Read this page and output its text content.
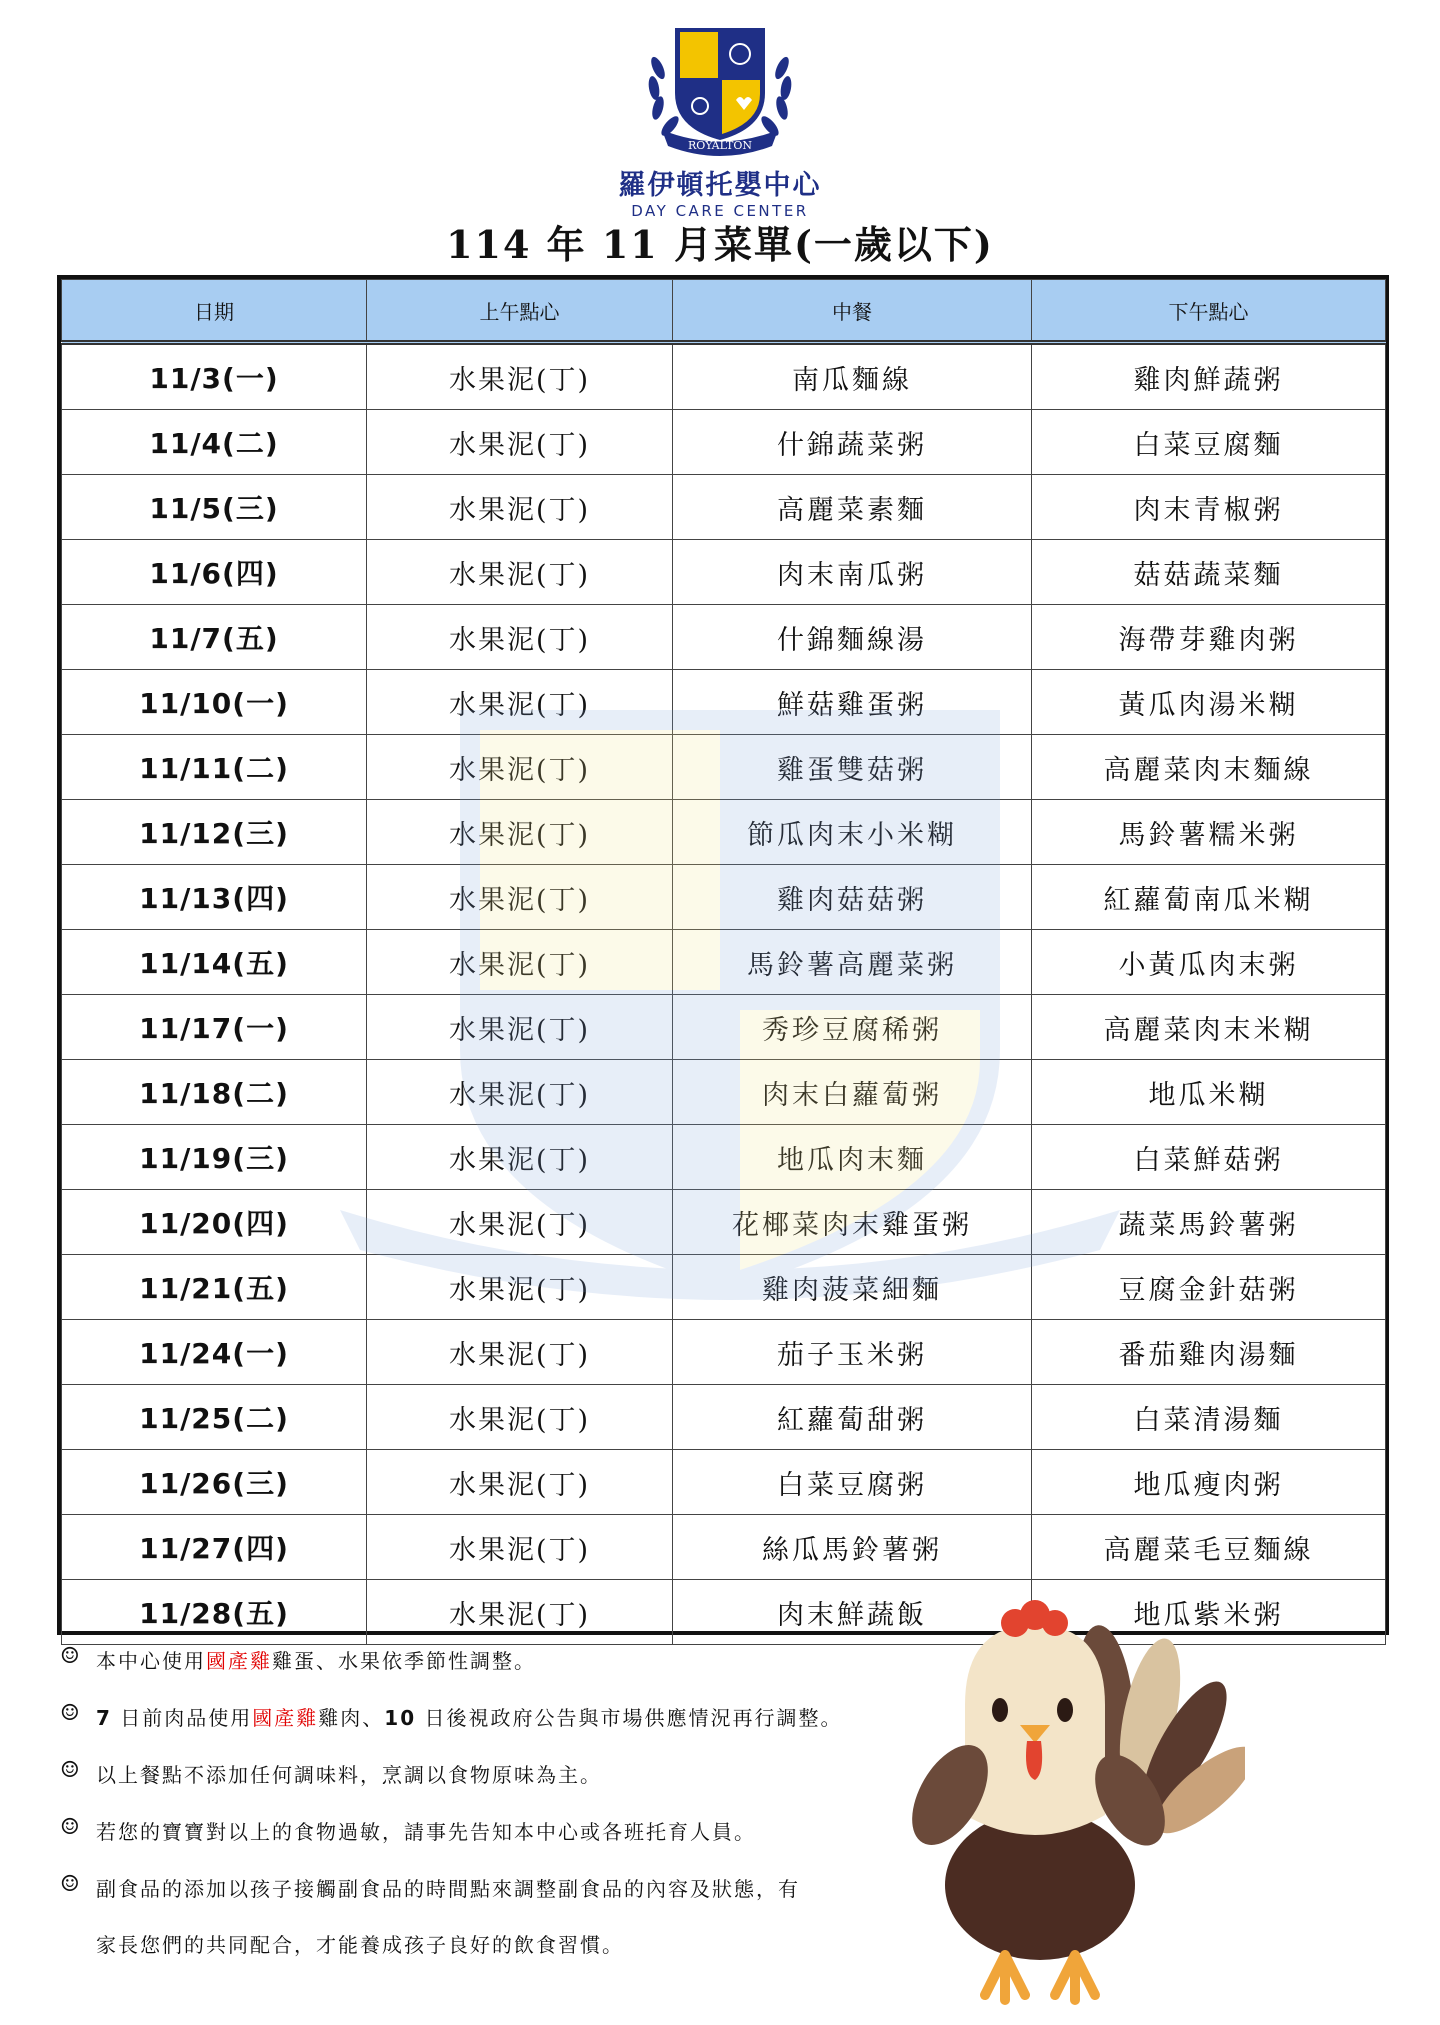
ROYALTON
羅伊頓托嬰中心
DAY CARE CENTER
114 年 11 月菜單(一歲以下)
日期	上午點心	中餐	下午點心
11/3(一)	水果泥(丁)	南瓜麵線	雞肉鮮蔬粥
11/4(二)	水果泥(丁)	什錦蔬菜粥	白菜豆腐麵
11/5(三)	水果泥(丁)	高麗菜素麵	肉末青椒粥
11/6(四)	水果泥(丁)	肉末南瓜粥	菇菇蔬菜麵
11/7(五)	水果泥(丁)	什錦麵線湯	海帶芽雞肉粥
11/10(一)	水果泥(丁)	鮮菇雞蛋粥	黃瓜肉湯米糊
11/11(二)	水果泥(丁)	雞蛋雙菇粥	高麗菜肉末麵線
11/12(三)	水果泥(丁)	節瓜肉末小米糊	馬鈴薯糯米粥
11/13(四)	水果泥(丁)	雞肉菇菇粥	紅蘿蔔南瓜米糊
11/14(五)	水果泥(丁)	馬鈴薯高麗菜粥	小黃瓜肉末粥
11/17(一)	水果泥(丁)	秀珍豆腐稀粥	高麗菜肉末米糊
11/18(二)	水果泥(丁)	肉末白蘿蔔粥	地瓜米糊
11/19(三)	水果泥(丁)	地瓜肉末麵	白菜鮮菇粥
11/20(四)	水果泥(丁)	花椰菜肉末雞蛋粥	蔬菜馬鈴薯粥
11/21(五)	水果泥(丁)	雞肉菠菜細麵	豆腐金針菇粥
11/24(一)	水果泥(丁)	茄子玉米粥	番茄雞肉湯麵
11/25(二)	水果泥(丁)	紅蘿蔔甜粥	白菜清湯麵
11/26(三)	水果泥(丁)	白菜豆腐粥	地瓜瘦肉粥
11/27(四)	水果泥(丁)	絲瓜馬鈴薯粥	高麗菜毛豆麵線
11/28(五)	水果泥(丁)	肉末鮮蔬飯	地瓜紫米粥
☺ 本中心使用國產雞雞蛋、水果依季節性調整。
☺ 7 日前肉品使用國產雞雞肉、10 日後視政府公告與市場供應情況再行調整。
☺ 以上餐點不添加任何調味料，烹調以食物原味為主。
☺ 若您的寶寶對以上的食物過敏，請事先告知本中心或各班托育人員。
☺ 副食品的添加以孩子接觸副食品的時間點來調整副食品的內容及狀態，有
家長您們的共同配合，才能養成孩子良好的飲食習慣。
